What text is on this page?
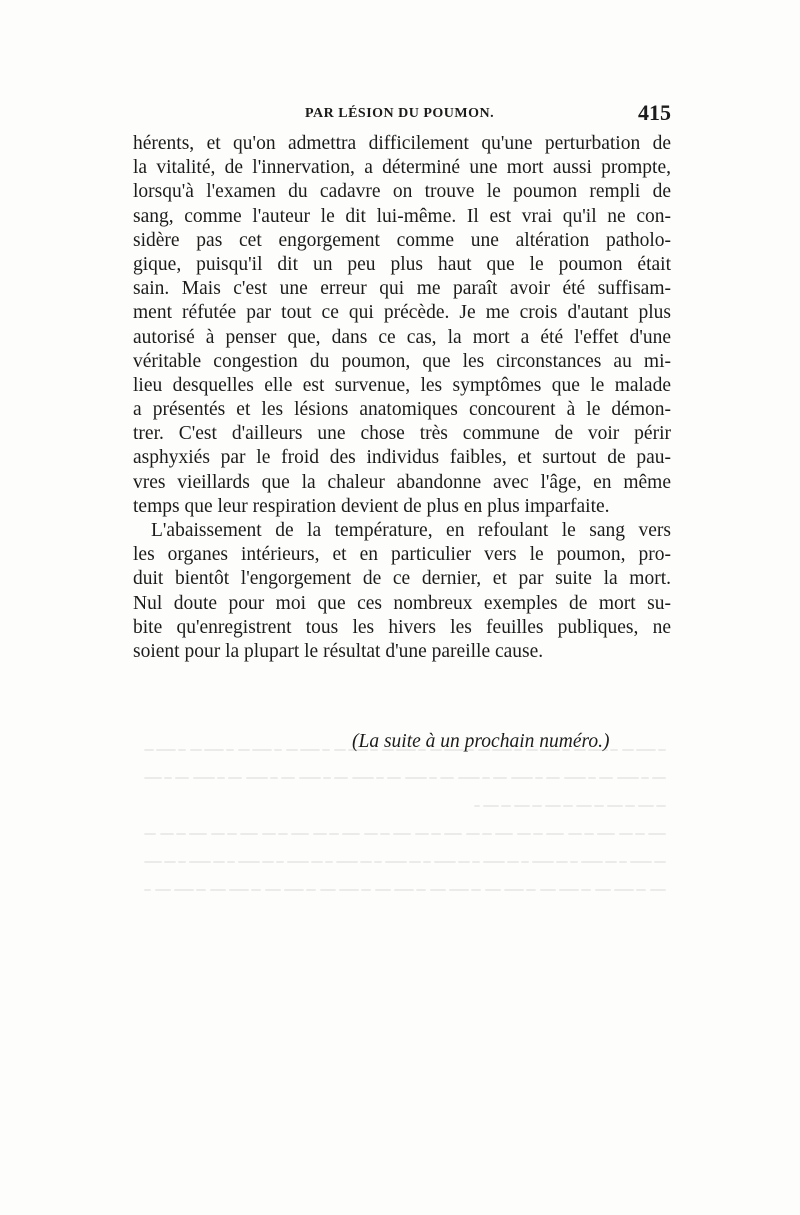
PAR LÉSION DU POUMON.	415
hérents, et qu'on admettra difficilement qu'une perturbation de
la vitalité, de l'innervation, a déterminé une mort aussi prompte,
lorsqu'à l'examen du cadavre on trouve le poumon rempli de
sang, comme l'auteur le dit lui-même. Il est vrai qu'il ne con-
sidère pas cet engorgement comme une altération patholo-
gique, puisqu'il dit un peu plus haut que le poumon était
sain. Mais c'est une erreur qui me paraît avoir été suffisam-
ment réfutée par tout ce qui précède. Je me crois d'autant plus
autorisé à penser que, dans ce cas, la mort a été l'effet d'une
véritable congestion du poumon, que les circonstances au mi-
lieu desquelles elle est survenue, les symptômes que le malade
a présentés et les lésions anatomiques concourent à le démon-
trer. C'est d'ailleurs une chose très commune de voir périr
asphyxiés par le froid des individus faibles, et surtout de pau-
vres vieillards que la chaleur abandonne avec l'âge, en même
temps que leur respiration devient de plus en plus imparfaite.
L'abaissement de la température, en refoulant le sang vers
les organes intérieurs, et en particulier vers le poumon, pro-
duit bientôt l'engorgement de ce dernier, et par suite la mort.
Nul doute pour moi que ces nombreux exemples de mort su-
bite qu'enregistrent tous les hivers les feuilles publiques, ne
soient pour la plupart le résultat d'une pareille cause.
(La suite à un prochain numéro.)
